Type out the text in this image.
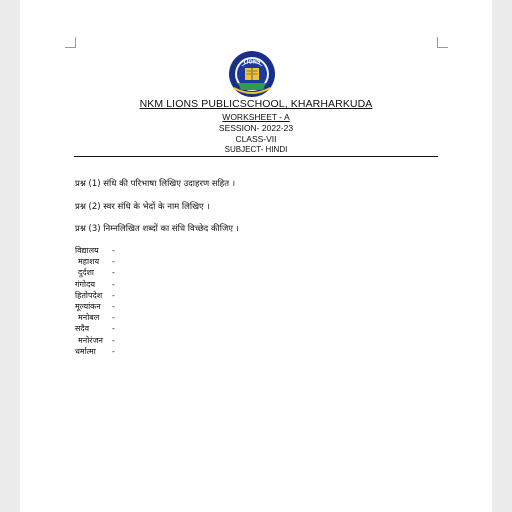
LIONS
NKM LIONS PUBLICSCHOOL, KHARHARKUDA
WORKSHEET - A
SESSION- 2022-23
CLASS-VII
SUBJECT- HINDI
प्रश्न (1) संधि की परिभाषा लिखिए उदाहरण सहित ।
प्रश्न (2) स्वर संधि के भेदों के नाम लिखिए ।
प्रश्न (3) निम्नलिखित शब्दों का संधि विच्छेद कीजिए ।
विद्यालय -
महाशय -
दुर्दशा -
गंगोदय -
हितोपदेश -
मूल्यांकन -
मनोबल -
सदैव	-
मनोरंजन -
धर्मात्मा -
